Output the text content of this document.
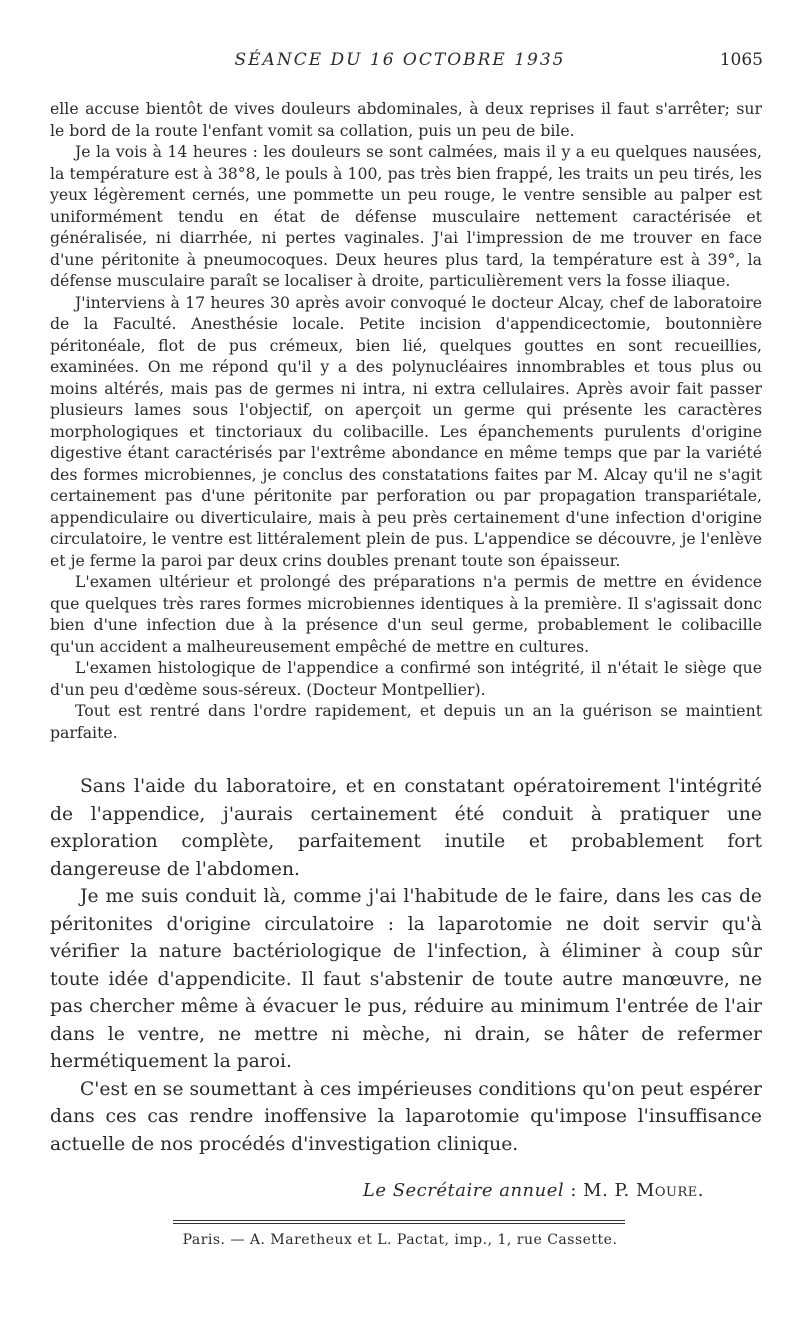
SÉANCE DU 16 OCTOBRE 1935	1065

elle accuse bientôt de vives douleurs abdominales, à deux reprises il faut s'arrêter; sur le bord de la route l'enfant vomit sa collation, puis un peu de bile.

Je la vois à 14 heures : les douleurs se sont calmées, mais il y a eu quelques nausées, la température est à 38°8, le pouls à 100, pas très bien frappé, les traits un peu tirés, les yeux légèrement cernés, une pommette un peu rouge, le ventre sensible au palper est uniformément tendu en état de défense musculaire nettement caractérisée et généralisée, ni diarrhée, ni pertes vaginales. J'ai l'impression de me trouver en face d'une péritonite à pneumocoques. Deux heures plus tard, la température est à 39°, la défense musculaire paraît se localiser à droite, particulièrement vers la fosse iliaque.

J'interviens à 17 heures 30 après avoir convoqué le docteur Alcay, chef de laboratoire de la Faculté. Anesthésie locale. Petite incision d'appendicectomie, boutonnière péritonéale, flot de pus crémeux, bien lié, quelques gouttes en sont recueillies, examinées. On me répond qu'il y a des polynucléaires innombrables et tous plus ou moins altérés, mais pas de germes ni intra, ni extra cellulaires. Après avoir fait passer plusieurs lames sous l'objectif, on aperçoit un germe qui présente les caractères morphologiques et tinctoriaux du colibacille. Les épanchements purulents d'origine digestive étant caractérisés par l'extrême abondance en même temps que par la variété des formes microbiennes, je conclus des constatations faites par M. Alcay qu'il ne s'agit certainement pas d'une péritonite par perforation ou par propagation transpariétale, appendiculaire ou diverticulaire, mais à peu près certainement d'une infection d'origine circulatoire, le ventre est littéralement plein de pus. L'appendice se découvre, je l'enlève et je ferme la paroi par deux crins doubles prenant toute son épaisseur.

L'examen ultérieur et prolongé des préparations n'a permis de mettre en évidence que quelques très rares formes microbiennes identiques à la première. Il s'agissait donc bien d'une infection due à la présence d'un seul germe, probablement le colibacille qu'un accident a malheureusement empêché de mettre en cultures.

L'examen histologique de l'appendice a confirmé son intégrité, il n'était le siège que d'un peu d'œdème sous-séreux. (Docteur Montpellier).

Tout est rentré dans l'ordre rapidement, et depuis un an la guérison se maintient parfaite.

Sans l'aide du laboratoire, et en constatant opératoirement l'intégrité de l'appendice, j'aurais certainement été conduit à pratiquer une exploration complète, parfaitement inutile et probablement fort dangereuse de l'abdomen.

Je me suis conduit là, comme j'ai l'habitude de le faire, dans les cas de péritonites d'origine circulatoire : la laparotomie ne doit servir qu'à vérifier la nature bactériologique de l'infection, à éliminer à coup sûr toute idée d'appendicite. Il faut s'abstenir de toute autre manœuvre, ne pas chercher même à évacuer le pus, réduire au minimum l'entrée de l'air dans le ventre, ne mettre ni mèche, ni drain, se hâter de refermer hermétiquement la paroi.

C'est en se soumettant à ces impérieuses conditions qu'on peut espérer dans ces cas rendre inoffensive la laparotomie qu'impose l'insuffisance actuelle de nos procédés d'investigation clinique.

Le Secrétaire annuel : M. P. Moure.
Paris. — A. Maretheux et L. Pactat, imp., 1, rue Cassette.
